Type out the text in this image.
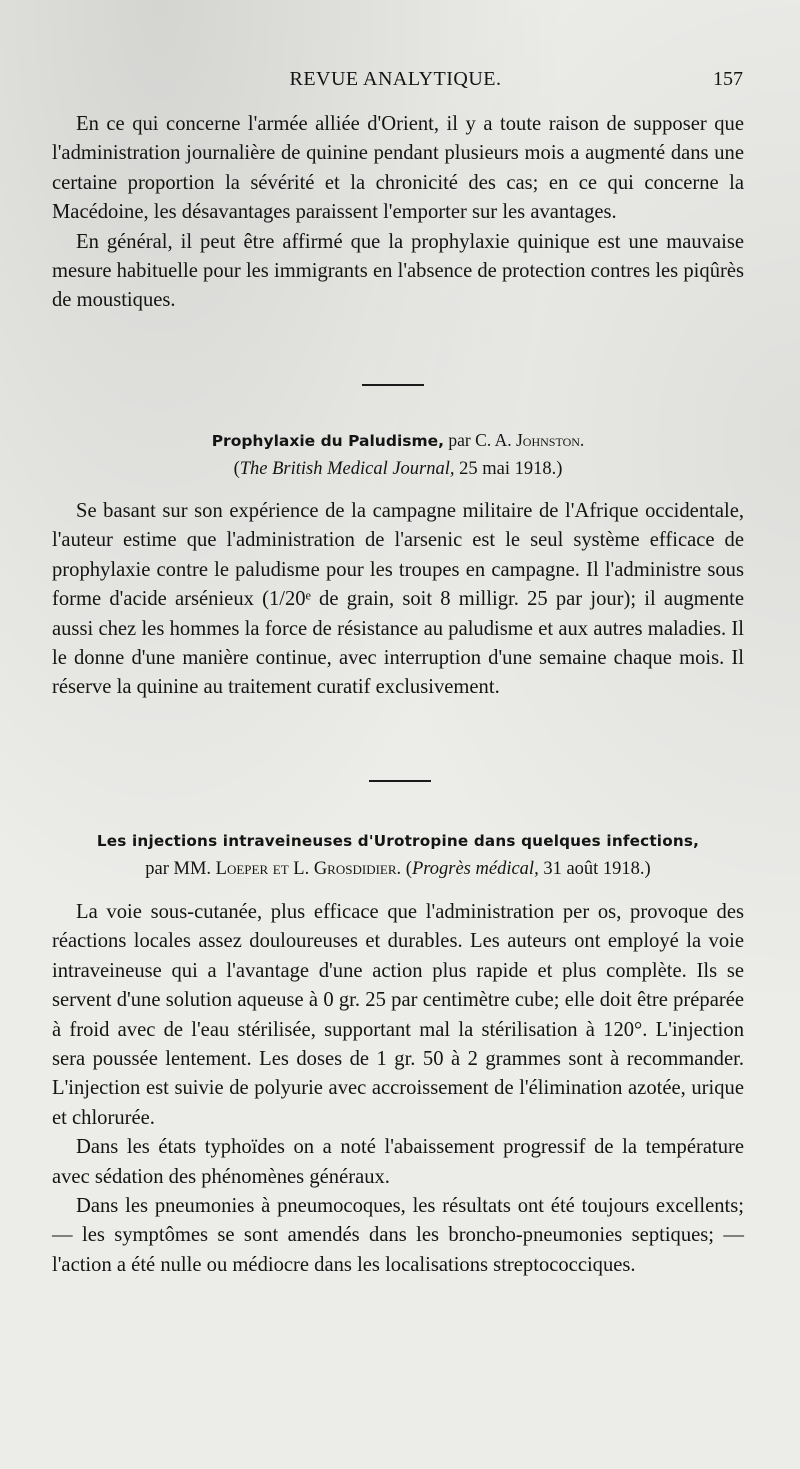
REVUE ANALYTIQUE.	157

En ce qui concerne l'armée alliée d'Orient, il y a toute raison de supposer que l'administration journalière de quinine pendant plusieurs mois a augmenté dans une certaine proportion la sévérité et la chronicité des cas; en ce qui concerne la Macédoine, les désavantages paraissent l'emporter sur les avantages.

En général, il peut être affirmé que la prophylaxie quinique est une mauvaise mesure habituelle pour les immigrants en l'absence de protection contres les piqûrès de moustiques.

Prophylaxie du Paludisme, par C. A. Johnston.
(The British Medical Journal, 25 mai 1918.)

Se basant sur son expérience de la campagne militaire de l'Afrique occidentale, l'auteur estime que l'administration de l'arsenic est le seul système efficace de prophylaxie contre le paludisme pour les troupes en campagne. Il l'administre sous forme d'acide arsénieux (1/20ᵉ de grain, soit 8 milligr. 25 par jour); il augmente aussi chez les hommes la force de résistance au paludisme et aux autres maladies. Il le donne d'une manière continue, avec interruption d'une semaine chaque mois. Il réserve la quinine au traitement curatif exclusivement.

Les injections intraveineuses d'Urotropine dans quelques infections,
par MM. Loeper et L. Grosdidier. (Progrès médical, 31 août 1918.)

La voie sous-cutanée, plus efficace que l'administration per os, provoque des réactions locales assez douloureuses et durables. Les auteurs ont employé la voie intraveineuse qui a l'avantage d'une action plus rapide et plus complète. Ils se servent d'une solution aqueuse à 0 gr. 25 par centimètre cube; elle doit être préparée à froid avec de l'eau stérilisée, supportant mal la stérilisation à 120°. L'injection sera poussée lentement. Les doses de 1 gr. 50 à 2 grammes sont à recommander. L'injection est suivie de polyurie avec accroissement de l'élimination azotée, urique et chlorurée.

Dans les états typhoïdes on a noté l'abaissement progressif de la température avec sédation des phénomènes généraux.

Dans les pneumonies à pneumocoques, les résultats ont été toujours excellents; — les symptômes se sont amendés dans les broncho-pneumonies septiques; — l'action a été nulle ou médiocre dans les localisations streptococciques.
